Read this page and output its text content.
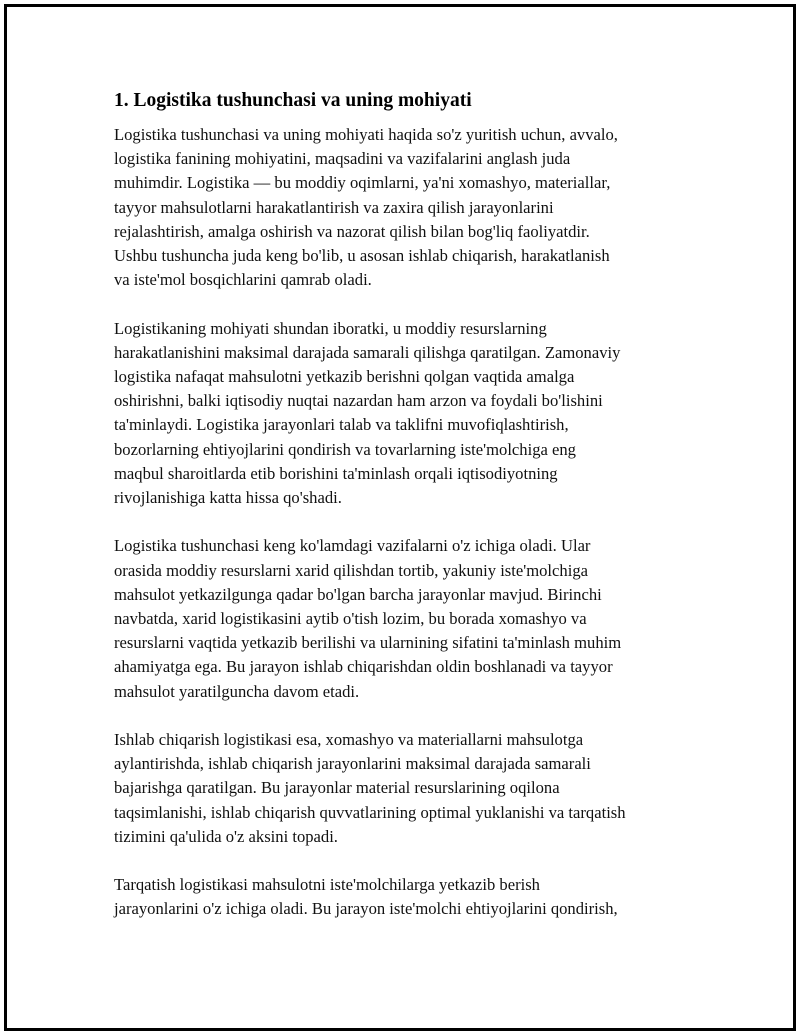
1. Logistika tushunchasi va uning mohiyati

Logistika tushunchasi va uning mohiyati haqida so'z yuritish uchun, avvalo,
logistika fanining mohiyatini, maqsadini va vazifalarini anglash juda
muhimdir. Logistika — bu moddiy oqimlarni, ya'ni xomashyo, materiallar,
tayyor mahsulotlarni harakatlantirish va zaxira qilish jarayonlarini
rejalashtirish, amalga oshirish va nazorat qilish bilan bog'liq faoliyatdir.
Ushbu tushuncha juda keng bo'lib, u asosan ishlab chiqarish, harakatlanish
va iste'mol bosqichlarini qamrab oladi.

Logistikaning mohiyati shundan iboratki, u moddiy resurslarning
harakatlanishini maksimal darajada samarali qilishga qaratilgan. Zamonaviy
logistika nafaqat mahsulotni yetkazib berishni qolgan vaqtida amalga
oshirishni, balki iqtisodiy nuqtai nazardan ham arzon va foydali bo'lishini
ta'minlaydi. Logistika jarayonlari talab va taklifni muvofiqlashtirish,
bozorlarning ehtiyojlarini qondirish va tovarlarning iste'molchiga eng
maqbul sharoitlarda etib borishini ta'minlash orqali iqtisodiyotning
rivojlanishiga katta hissa qo'shadi.

Logistika tushunchasi keng ko'lamdagi vazifalarni o'z ichiga oladi. Ular
orasida moddiy resurslarni xarid qilishdan tortib, yakuniy iste'molchiga
mahsulot yetkazilgunga qadar bo'lgan barcha jarayonlar mavjud. Birinchi
navbatda, xarid logistikasini aytib o'tish lozim, bu borada xomashyo va
resurslarni vaqtida yetkazib berilishi va ularnining sifatini ta'minlash muhim
ahamiyatga ega. Bu jarayon ishlab chiqarishdan oldin boshlanadi va tayyor
mahsulot yaratilguncha davom etadi.

Ishlab chiqarish logistikasi esa, xomashyo va materiallarni mahsulotga
aylantirishda, ishlab chiqarish jarayonlarini maksimal darajada samarali
bajarishga qaratilgan. Bu jarayonlar material resurslarining oqilona
taqsimlanishi, ishlab chiqarish quvvatlarining optimal yuklanishi va tarqatish
tizimini qa'ulida o'z aksini topadi.

Tarqatish logistikasi mahsulotni iste'molchilarga yetkazib berish
jarayonlarini o'z ichiga oladi. Bu jarayon iste'molchi ehtiyojlarini qondirish,
